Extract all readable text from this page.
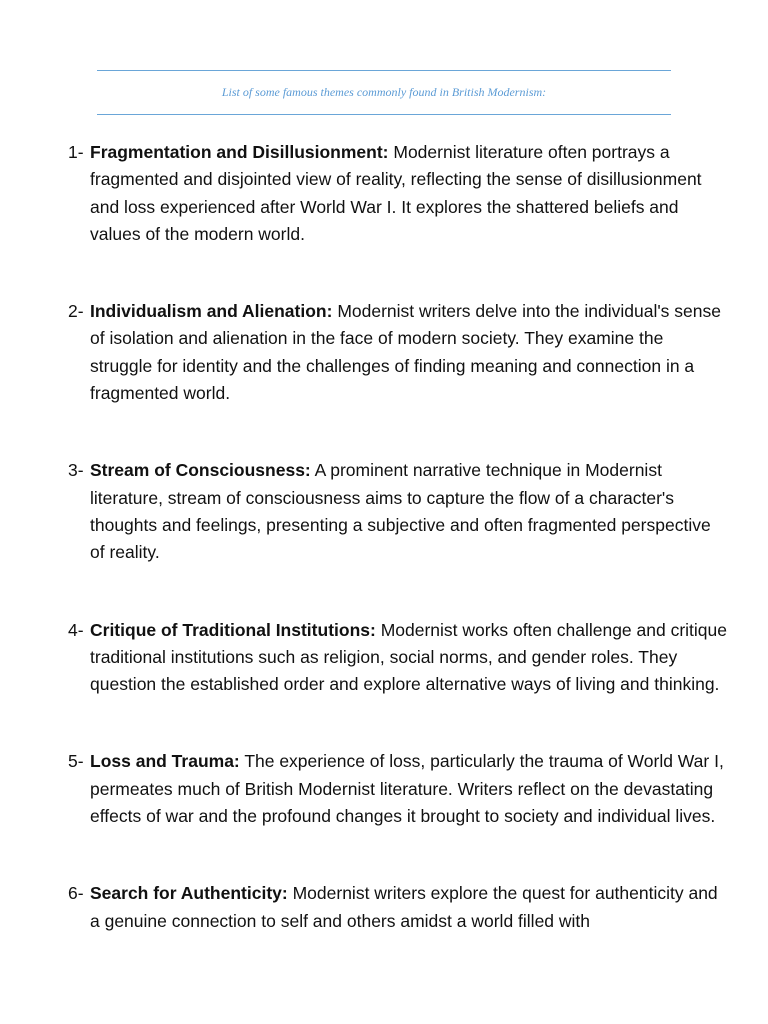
List of some famous themes commonly found in British Modernism:
1- Fragmentation and Disillusionment: Modernist literature often portrays a fragmented and disjointed view of reality, reflecting the sense of disillusionment and loss experienced after World War I. It explores the shattered beliefs and values of the modern world.
2- Individualism and Alienation: Modernist writers delve into the individual's sense of isolation and alienation in the face of modern society. They examine the struggle for identity and the challenges of finding meaning and connection in a fragmented world.
3- Stream of Consciousness: A prominent narrative technique in Modernist literature, stream of consciousness aims to capture the flow of a character's thoughts and feelings, presenting a subjective and often fragmented perspective of reality.
4- Critique of Traditional Institutions: Modernist works often challenge and critique traditional institutions such as religion, social norms, and gender roles. They question the established order and explore alternative ways of living and thinking.
5- Loss and Trauma: The experience of loss, particularly the trauma of World War I, permeates much of British Modernist literature. Writers reflect on the devastating effects of war and the profound changes it brought to society and individual lives.
6- Search for Authenticity: Modernist writers explore the quest for authenticity and a genuine connection to self and others amidst a world filled with
